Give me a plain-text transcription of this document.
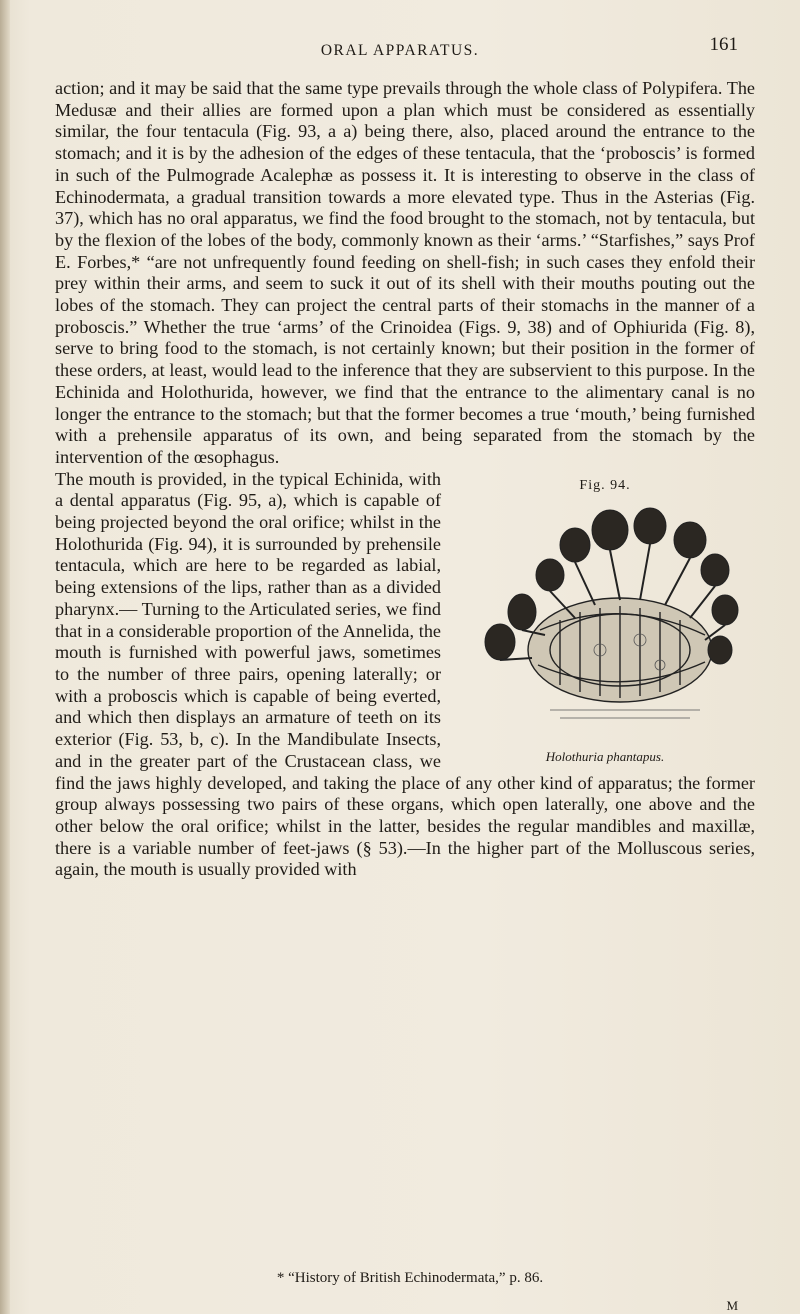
ORAL APPARATUS.	161

action; and it may be said that the same type prevails through the whole class of Polypifera. The Medusæ and their allies are formed upon a plan which must be considered as essentially similar, the four tentacula (Fig. 93, a a) being there, also, placed around the entrance to the stomach; and it is by the adhesion of the edges of these tentacula, that the ‘proboscis’ is formed in such of the Pulmograde Acalephæ as possess it. It is interesting to observe in the class of Echinodermata, a gradual transition towards a more elevated type. Thus in the Asterias (Fig. 37), which has no oral apparatus, we find the food brought to the stomach, not by tentacula, but by the flexion of the lobes of the body, commonly known as their ‘arms.’ “Starfishes,” says Prof E. Forbes,* “are not unfrequently found feeding on shell-fish; in such cases they enfold their prey within their arms, and seem to suck it out of its shell with their mouths pouting out the lobes of the stomach. They can project the central parts of their stomachs in the manner of a proboscis.” Whether the true ‘arms’ of the Crinoidea (Figs. 9, 38) and of Ophiurida (Fig. 8), serve to bring food to the stomach, is not certainly known; but their position in the former of these orders, at least, would lead to the inference that they are subservient to this purpose. In the Echinida and Holothurida, however, we find that the entrance to the alimentary canal is no longer the entrance to the stomach; but that the former becomes a true ‘mouth,’ being furnished with a prehensile apparatus of its own, and being separated from the stomach by the intervention of the œsophagus.

Fig. 94.
Holothuria phantapus.

The mouth is provided, in the typical Echinida, with a dental apparatus (Fig. 95, a), which is capable of being projected beyond the oral orifice; whilst in the Holothurida (Fig. 94), it is surrounded by prehensile tentacula, which are here to be regarded as labial, being extensions of the lips, rather than as a divided pharynx.— Turning to the Articulated series, we find that in a considerable proportion of the Annelida, the mouth is furnished with powerful jaws, sometimes to the number of three pairs, opening laterally; or with a proboscis which is capable of being everted, and which then displays an armature of teeth on its exterior (Fig. 53, b, c). In the Mandibulate Insects, and in the greater part of the Crustacean class, we find the jaws highly developed, and taking the place of any other kind of apparatus; the former group always possessing two pairs of these organs, which open laterally, one above and the other below the oral orifice; whilst in the latter, besides the regular mandibles and maxillæ, there is a variable number of feet-jaws (§ 53).—In the higher part of the Molluscous series, again, the mouth is usually provided with

* “History of British Echinodermata,” p. 86.
M
